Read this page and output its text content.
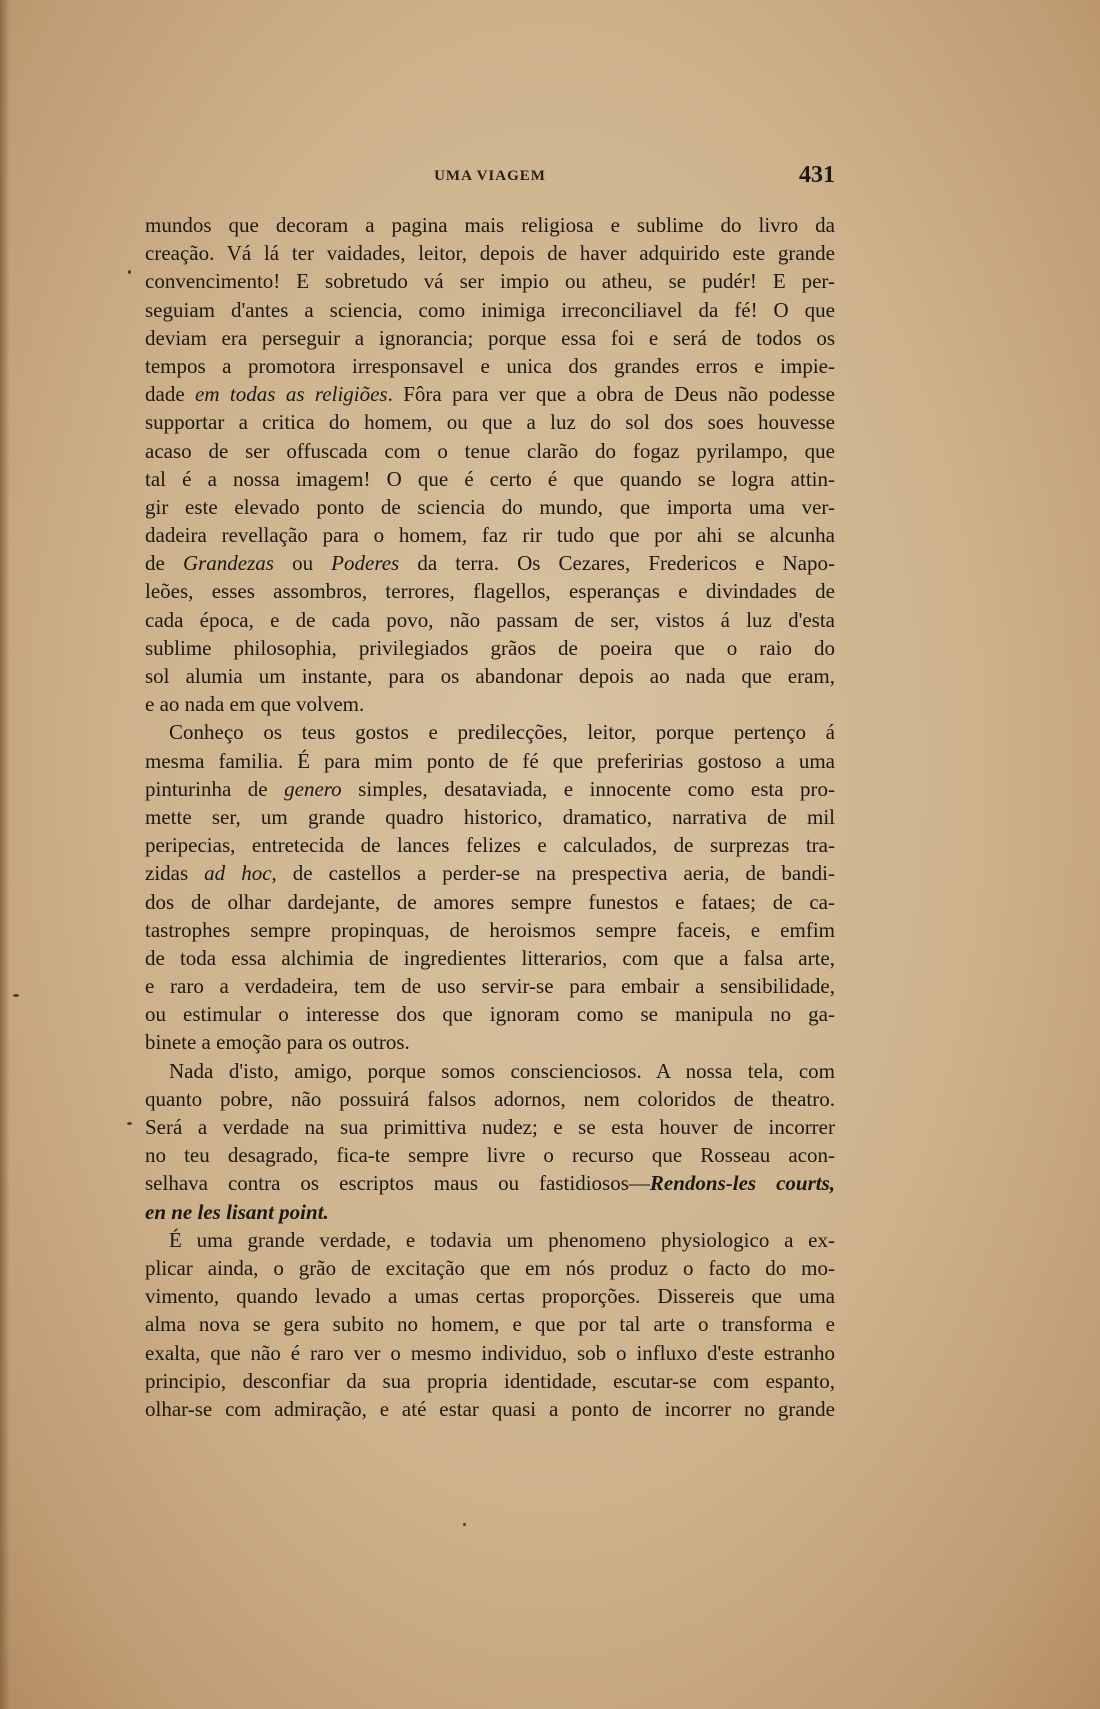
UMA VIAGEM	431
mundos que decoram a pagina mais religiosa e sublime do livro da
creação. Vá lá ter vaidades, leitor, depois de haver adquirido este grande
convencimento! E sobretudo vá ser impio ou atheu, se pudér! E per-
seguiam d'antes a sciencia, como inimiga irreconciliavel da fé! O que
deviam era perseguir a ignorancia; porque essa foi e será de todos os
tempos a promotora irresponsavel e unica dos grandes erros e impie-
dade em todas as religiões. Fôra para ver que a obra de Deus não podesse
supportar a critica do homem, ou que a luz do sol dos soes houvesse
acaso de ser offuscada com o tenue clarão do fogaz pyrilampo, que
tal é a nossa imagem! O que é certo é que quando se logra attin-
gir este elevado ponto de sciencia do mundo, que importa uma ver-
dadeira revellação para o homem, faz rir tudo que por ahi se alcunha
de Grandezas ou Poderes da terra. Os Cezares, Fredericos e Napo-
leões, esses assombros, terrores, flagellos, esperanças e divindades de
cada época, e de cada povo, não passam de ser, vistos á luz d'esta
sublime philosophia, privilegiados grãos de poeira que o raio do
sol alumia um instante, para os abandonar depois ao nada que eram,
e ao nada em que volvem.
Conheço os teus gostos e predilecções, leitor, porque pertenço á
mesma familia. É para mim ponto de fé que preferirias gostoso a uma
pinturinha de genero simples, desataviada, e innocente como esta pro-
mette ser, um grande quadro historico, dramatico, narrativa de mil
peripecias, entretecida de lances felizes e calculados, de surprezas tra-
zidas ad hoc, de castellos a perder-se na prespectiva aeria, de bandi-
dos de olhar dardejante, de amores sempre funestos e fataes; de ca-
tastrophes sempre propinquas, de heroismos sempre faceis, e emfim
de toda essa alchimia de ingredientes litterarios, com que a falsa arte,
e raro a verdadeira, tem de uso servir-se para embair a sensibilidade,
ou estimular o interesse dos que ignoram como se manipula no ga-
binete a emoção para os outros.
Nada d'isto, amigo, porque somos conscienciosos. A nossa tela, com
quanto pobre, não possuirá falsos adornos, nem coloridos de theatro.
Será a verdade na sua primittiva nudez; e se esta houver de incorrer
no teu desagrado, fica-te sempre livre o recurso que Rosseau acon-
selhava contra os escriptos maus ou fastidiosos—Rendons-les courts,
en ne les lisant point.
É uma grande verdade, e todavia um phenomeno physiologico a ex-
plicar ainda, o grão de excitação que em nós produz o facto do mo-
vimento, quando levado a umas certas proporções. Dissereis que uma
alma nova se gera subito no homem, e que por tal arte o transforma e
exalta, que não é raro ver o mesmo individuo, sob o influxo d'este estranho
principio, desconfiar da sua propria identidade, escutar-se com espanto,
olhar-se com admiração, e até estar quasi a ponto de incorrer no grande
